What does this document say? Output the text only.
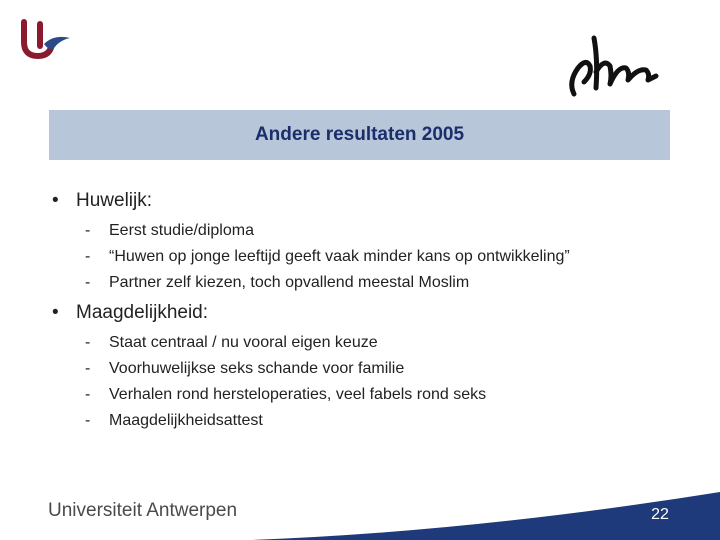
Andere resultaten 2005
• Huwelijk:
-	Eerst studie/diploma
-	“Huwen op jonge leeftijd geeft vaak minder kans op ontwikkeling”
-	Partner zelf kiezen, toch opvallend meestal Moslim
• Maagdelijkheid:
-	Staat centraal / nu vooral eigen keuze
-	Voorhuwelijkse seks schande voor familie
-	Verhalen rond hersteloperaties, veel fabels rond seks
-	Maagdelijkheidsattest
Universiteit Antwerpen	22
